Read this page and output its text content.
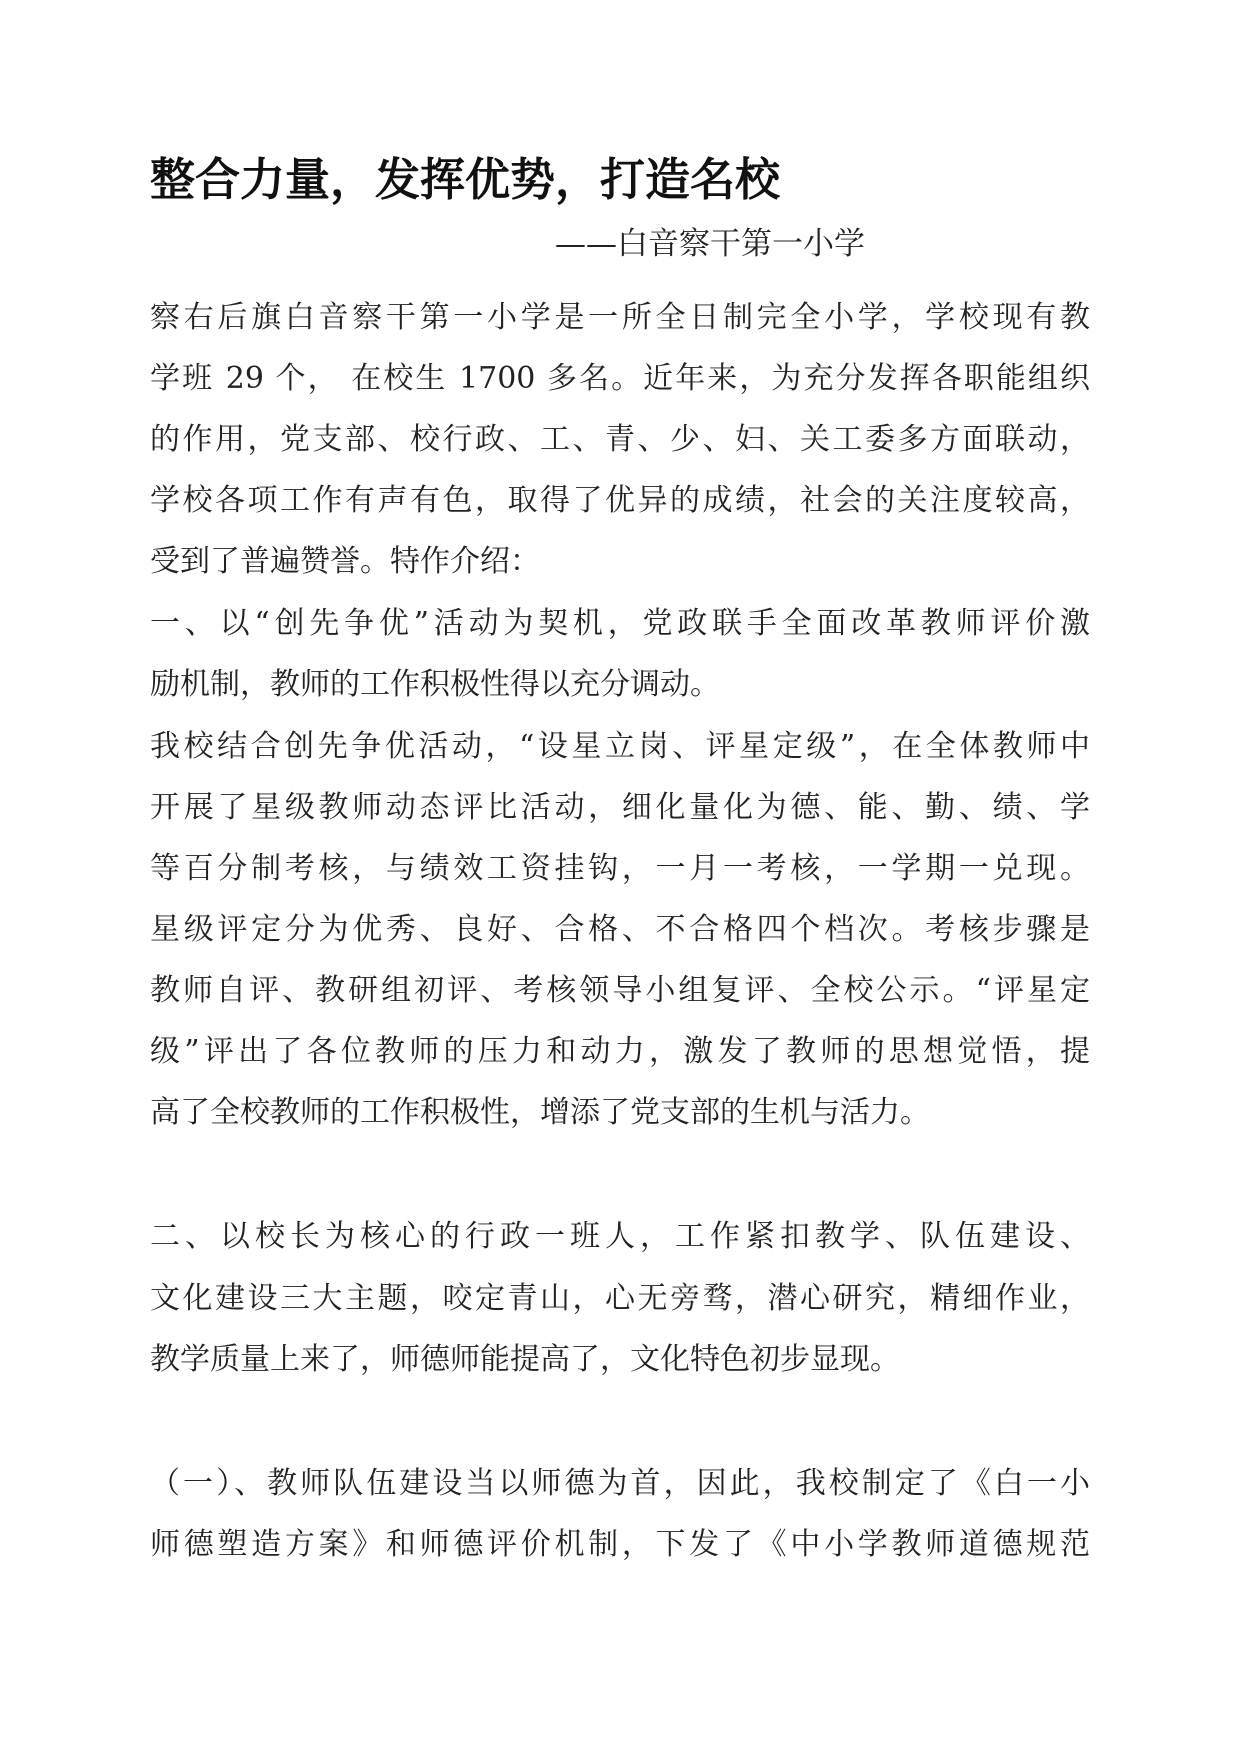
整合力量，发挥优势，打造名校
——白音察干第一小学

察右后旗白音察干第一小学是一所全日制完全小学，学校现有教

学班 29 个， 在校生 1700 多名。近年来，为充分发挥各职能组织

的作用，党支部、校行政、工、青、少、妇、关工委多方面联动，

学校各项工作有声有色，取得了优异的成绩，社会的关注度较高，

受到了普遍赞誉。特作介绍：

一、以“创先争优”活动为契机，党政联手全面改革教师评价激

励机制，教师的工作积极性得以充分调动。

我校结合创先争优活动，“设星立岗、评星定级”，在全体教师中

开展了星级教师动态评比活动，细化量化为德、能、勤、绩、学

等百分制考核，与绩效工资挂钩，一月一考核，一学期一兑现。

星级评定分为优秀、良好、合格、不合格四个档次。考核步骤是

教师自评、教研组初评、考核领导小组复评、全校公示。“评星定

级”评出了各位教师的压力和动力，激发了教师的思想觉悟，提

高了全校教师的工作积极性，增添了党支部的生机与活力。

二、以校长为核心的行政一班人，工作紧扣教学、队伍建设、

文化建设三大主题，咬定青山，心无旁骛，潜心研究，精细作业，

教学质量上来了，师德师能提高了，文化特色初步显现。

（一）、教师队伍建设当以师德为首，因此，我校制定了《白一小

师德塑造方案》和师德评价机制，下发了《中小学教师道德规范
